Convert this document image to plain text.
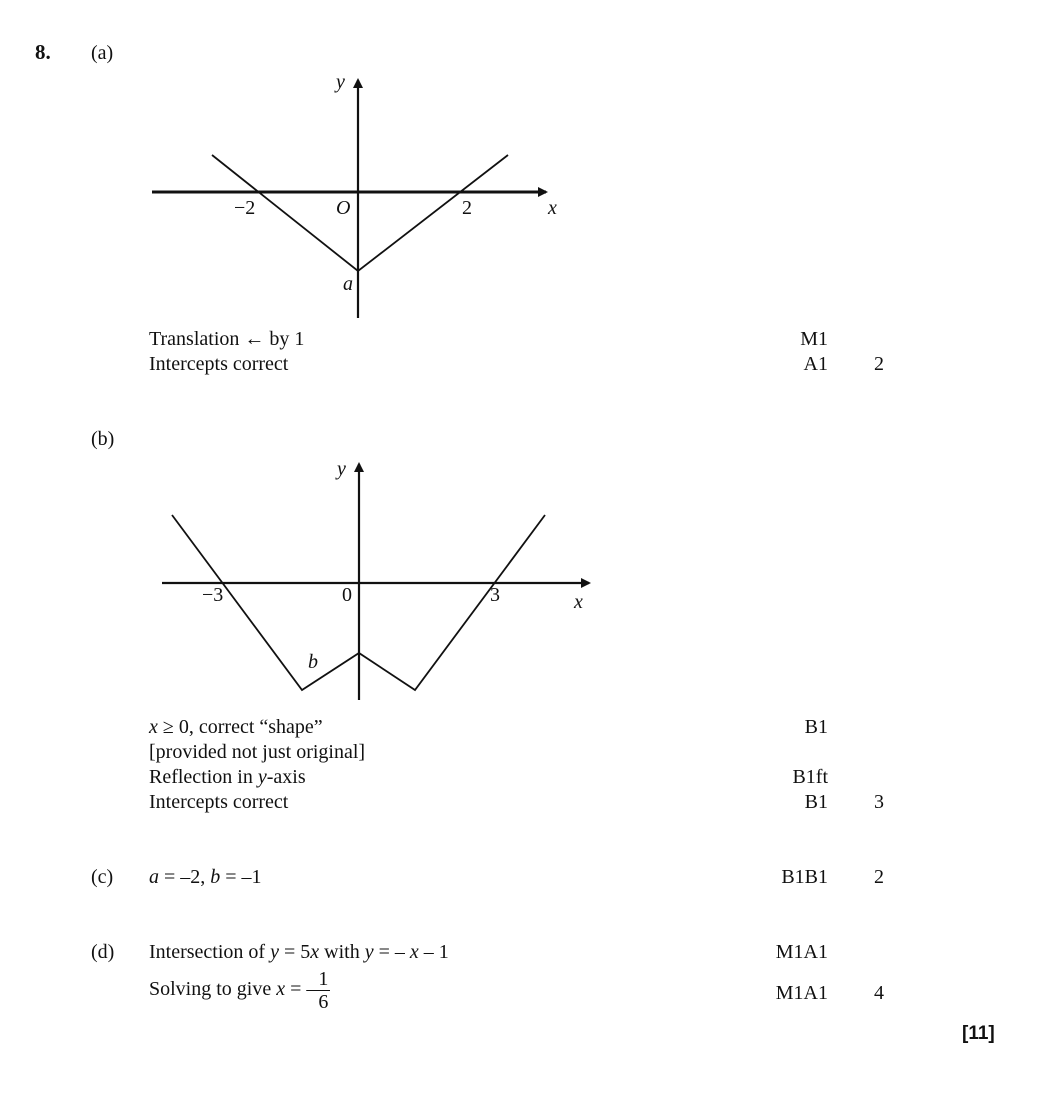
8. (a)
y
x
O
−2	2
a
Translation ← by 1	M1
Intercepts correct	A1 2
(b)
y
x
0
−3	3
b
x ≥ 0, correct “shape”	B1
[provided not just original]
Reflection in y-axis	B1ft
Intercepts correct	B1 3
(c) a = –2, b = –1	B1B1 2
(d) Intersection of y = 5x with y = – x – 1	M1A1
Solving to give x = – $\frac{1}{6}$	M1A1 4
[11]
